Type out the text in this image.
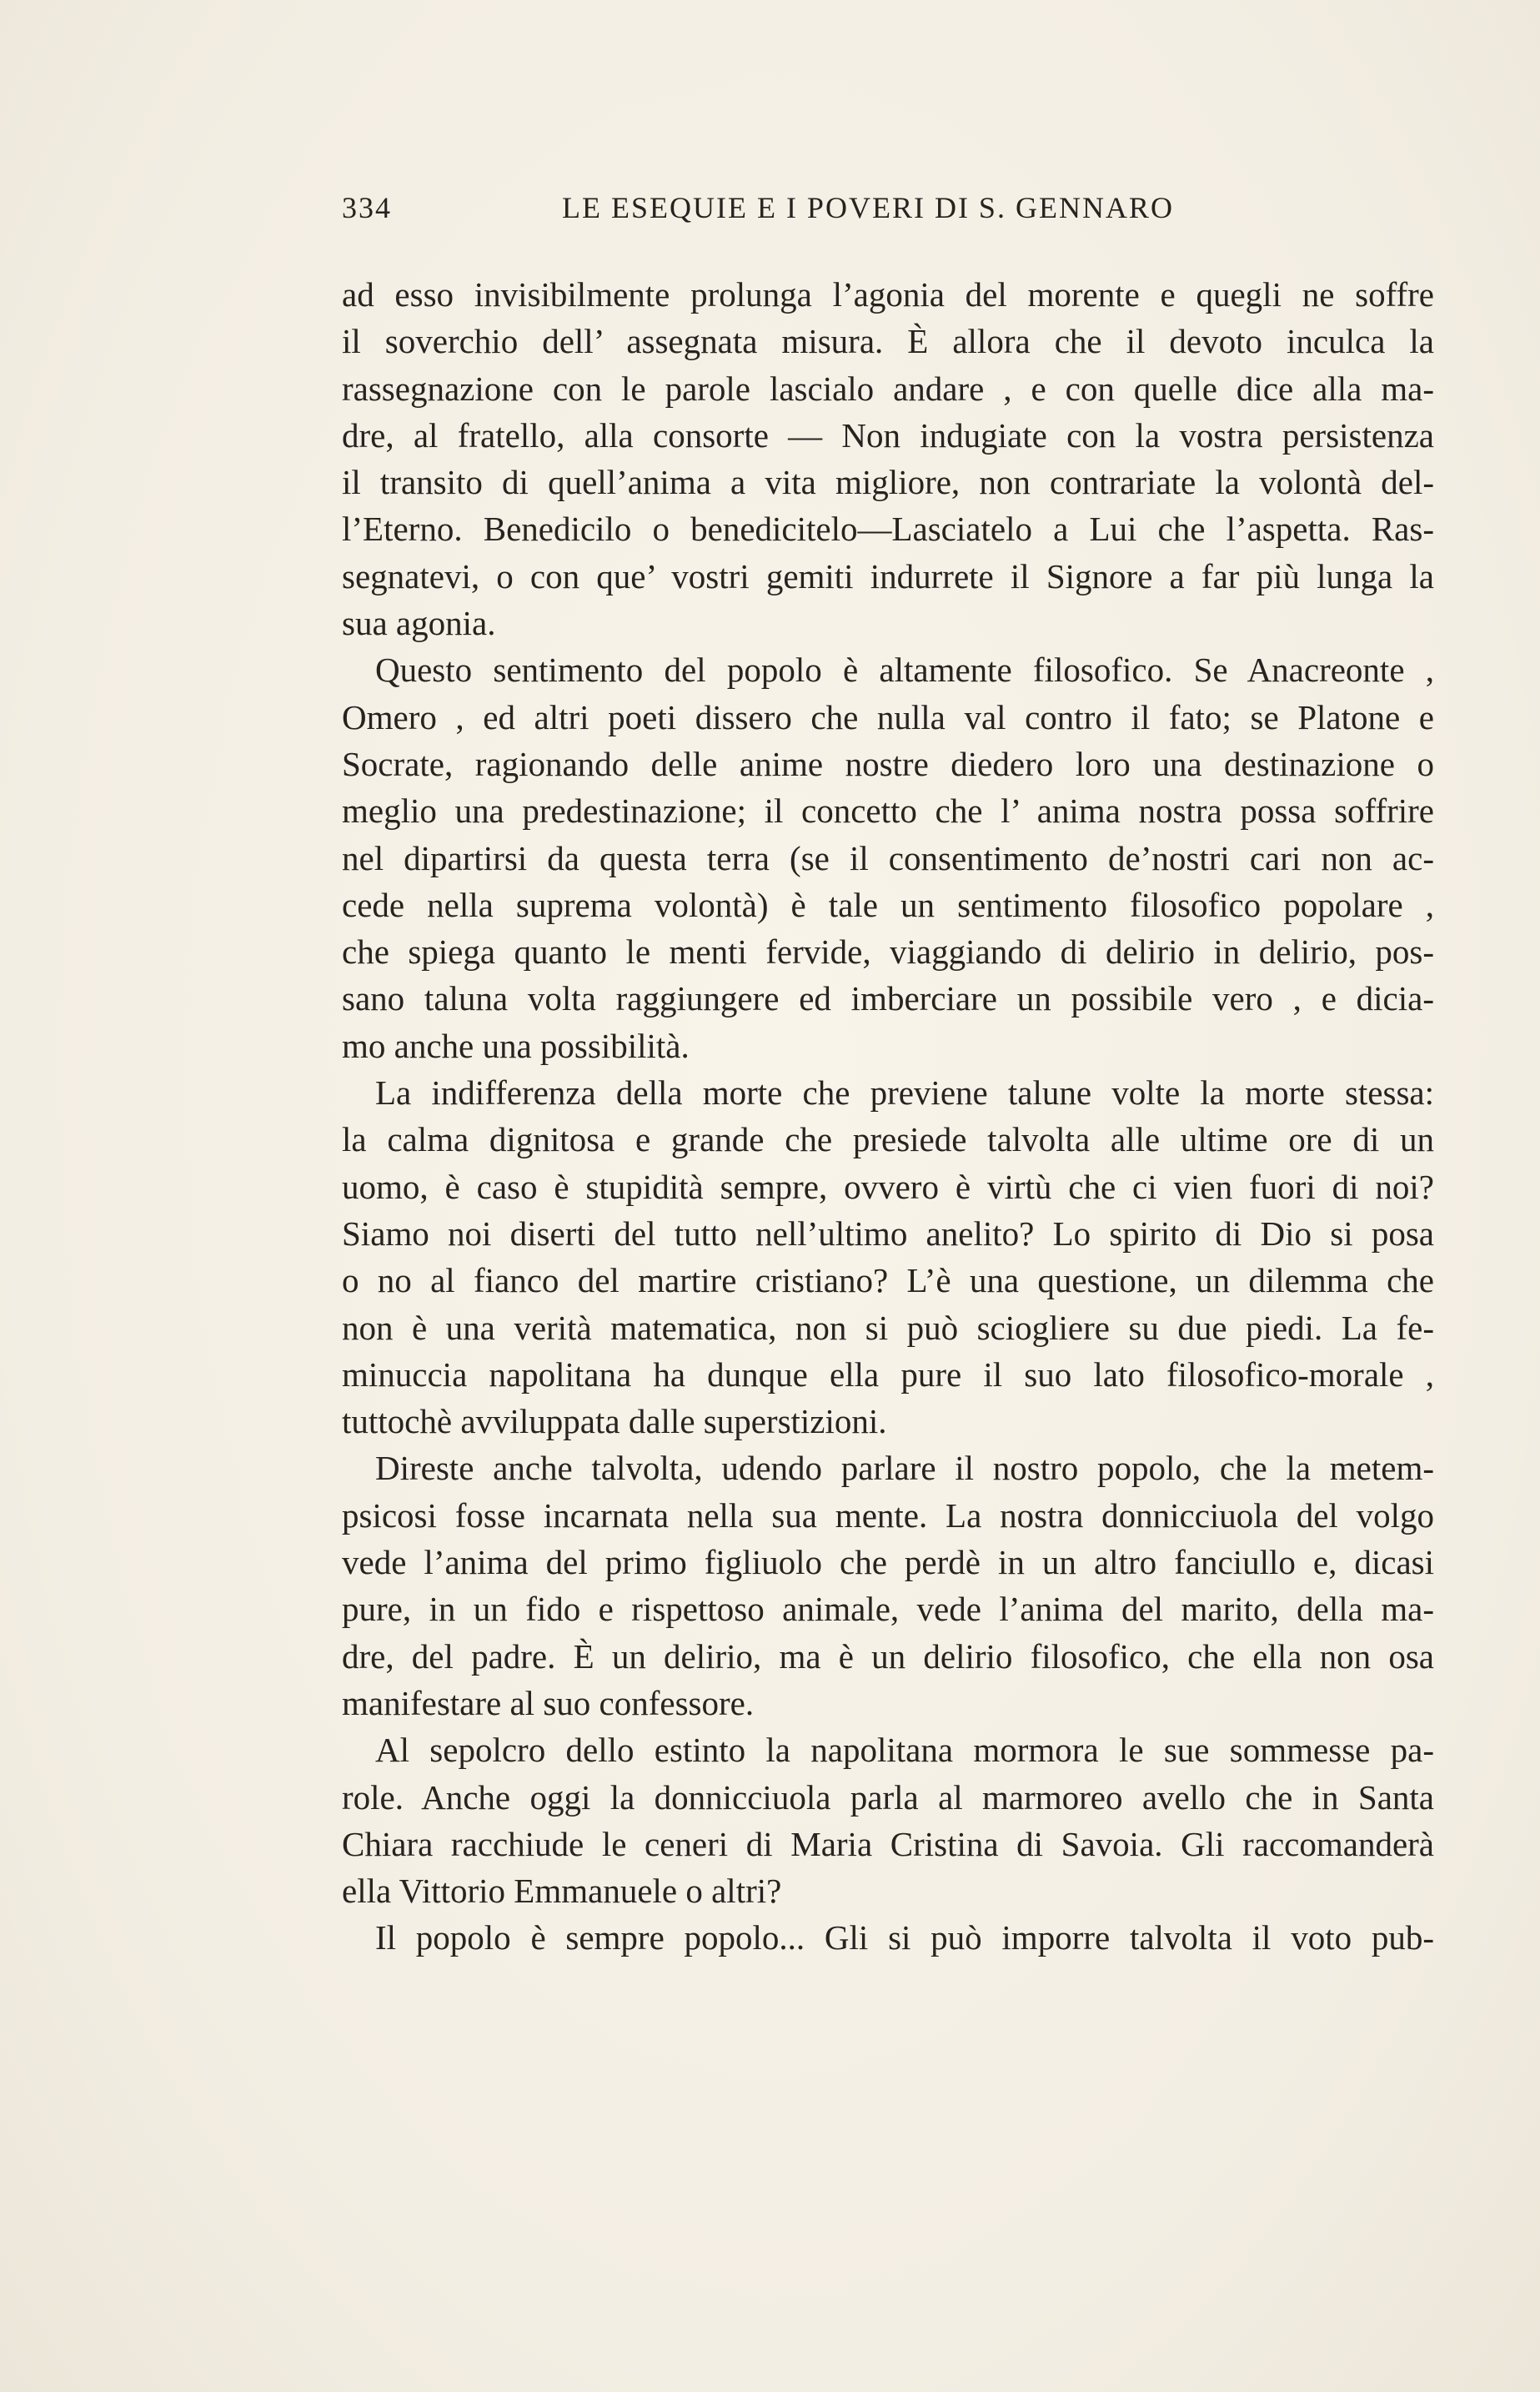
334	LE ESEQUIE E I POVERI DI S. GENNARO
ad esso invisibilmente prolunga l’agonia del morente e quegli ne soffre
il soverchio dell’ assegnata misura. È allora che il devoto inculca la
rassegnazione con le parole lascialo andare , e con quelle dice alla ma-
dre, al fratello, alla consorte — Non indugiate con la vostra persistenza
il transito di quell’anima a vita migliore, non contrariate la volontà del-
l’Eterno. Benedicilo o benedicitelo—Lasciatelo a Lui che l’aspetta. Ras-
segnatevi, o con que’ vostri gemiti indurrete il Signore a far più lunga la
sua agonia.
Questo sentimento del popolo è altamente filosofico. Se Anacreonte ,
Omero , ed altri poeti dissero che nulla val contro il fato; se Platone e
Socrate, ragionando delle anime nostre diedero loro una destinazione o
meglio una predestinazione; il concetto che l’ anima nostra possa soffrire
nel dipartirsi da questa terra (se il consentimento de’nostri cari non ac-
cede nella suprema volontà) è tale un sentimento filosofico popolare ,
che spiega quanto le menti fervide, viaggiando di delirio in delirio, pos-
sano taluna volta raggiungere ed imberciare un possibile vero , e dicia-
mo anche una possibilità.
La indifferenza della morte che previene talune volte la morte stessa:
la calma dignitosa e grande che presiede talvolta alle ultime ore di un
uomo, è caso è stupidità sempre, ovvero è virtù che ci vien fuori di noi?
Siamo noi diserti del tutto nell’ultimo anelito? Lo spirito di Dio si posa
o no al fianco del martire cristiano? L’è una questione, un dilemma che
non è una verità matematica, non si può sciogliere su due piedi. La fe-
minuccia napolitana ha dunque ella pure il suo lato filosofico-morale ,
tuttochè avviluppata dalle superstizioni.
Direste anche talvolta, udendo parlare il nostro popolo, che la metem-
psicosi fosse incarnata nella sua mente. La nostra donnicciuola del volgo
vede l’anima del primo figliuolo che perdè in un altro fanciullo e, dicasi
pure, in un fido e rispettoso animale, vede l’anima del marito, della ma-
dre, del padre. È un delirio, ma è un delirio filosofico, che ella non osa
manifestare al suo confessore.
Al sepolcro dello estinto la napolitana mormora le sue sommesse pa-
role. Anche oggi la donnicciuola parla al marmoreo avello che in Santa
Chiara racchiude le ceneri di Maria Cristina di Savoia. Gli raccomanderà
ella Vittorio Emmanuele o altri?
Il popolo è sempre popolo... Gli si può imporre talvolta il voto pub-
